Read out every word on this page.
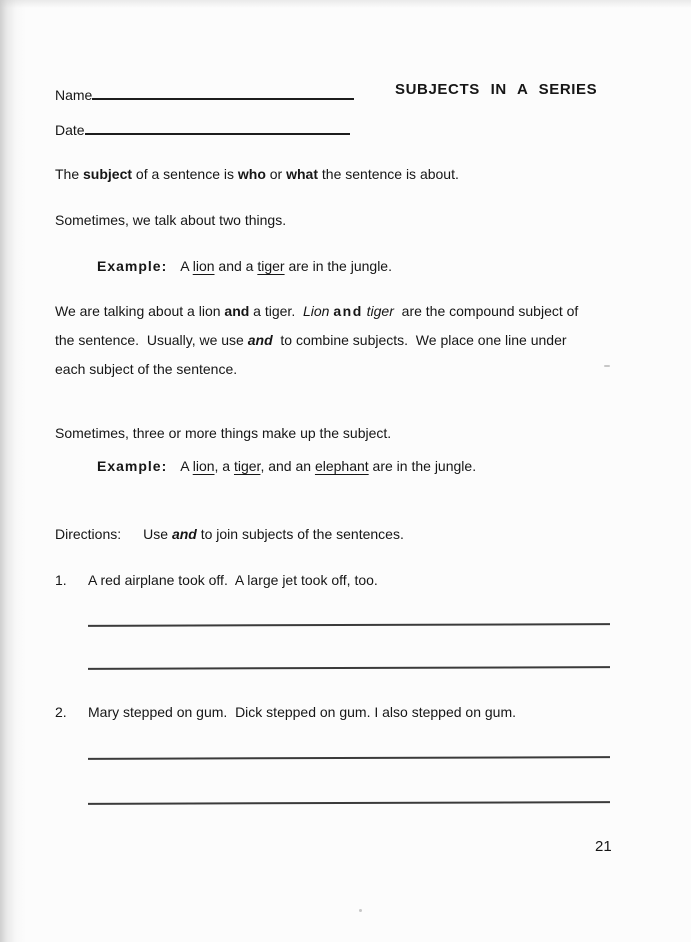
Name	SUBJECTS IN A SERIES
Date
The subject of a sentence is who or what the sentence is about.
Sometimes, we talk about two things.
Example: A lion and a tiger are in the jungle.
We are talking about a lion and a tiger.  Lion and tiger  are the compound subject of
the sentence.  Usually, we use and  to combine subjects.  We place one line under
each subject of the sentence.
Sometimes, three or more things make up the subject.
Example: A lion, a tiger, and an elephant are in the jungle.
Directions: Use and to join subjects of the sentences.
1.	A red airplane took off.  A large jet took off, too.
2.	Mary stepped on gum.  Dick stepped on gum. I also stepped on gum.
21
